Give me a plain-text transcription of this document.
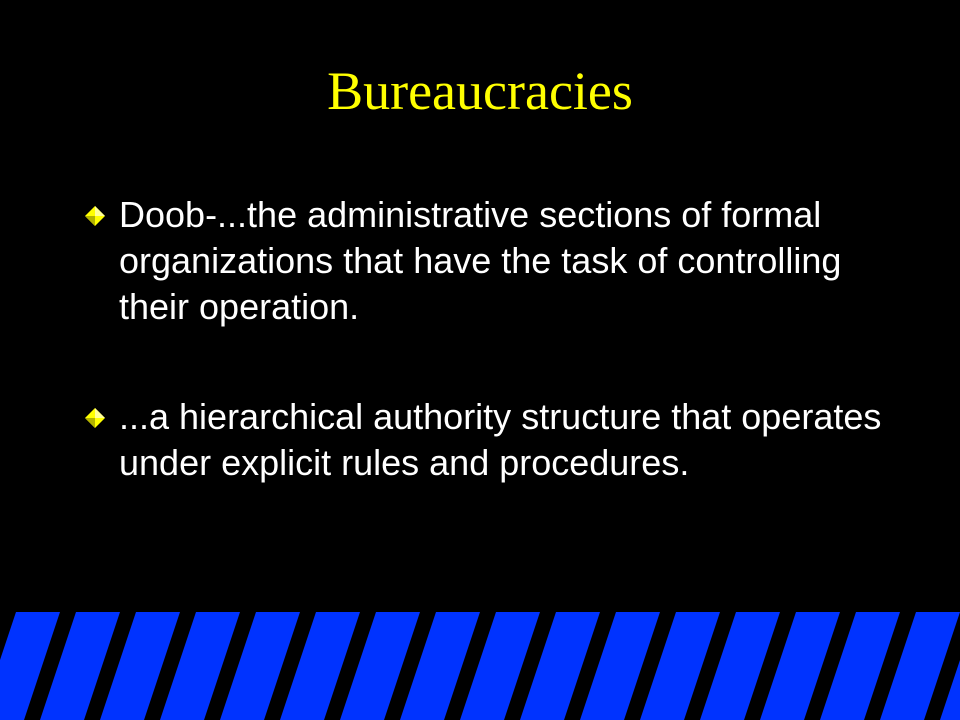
Bureaucracies
Doob-...the administrative sections of formal organizations that have the task of controlling their operation.
...a hierarchical authority structure that operates under explicit rules and procedures.
